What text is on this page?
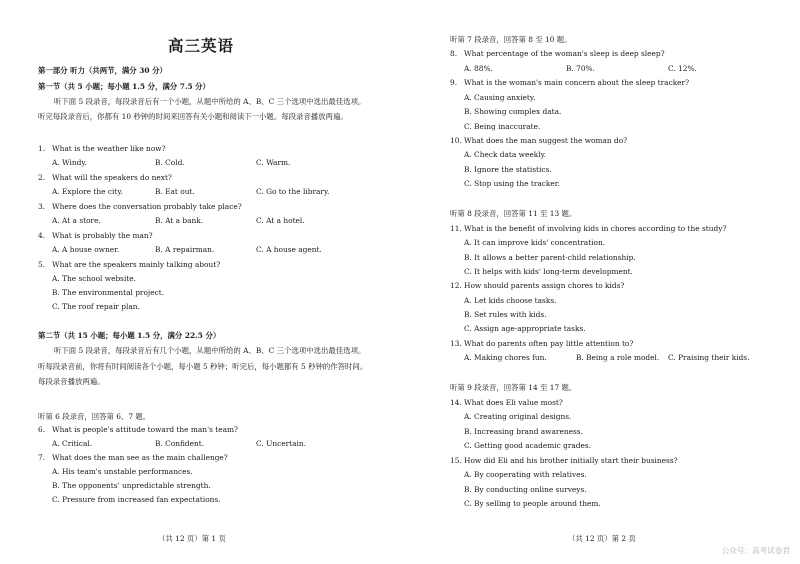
高三英语
第一部分 听力（共两节，满分 30 分）
第一节（共 5 小题；每小题 1.5 分，满分 7.5 分）
听下面 5 段录音，每段录音后有一个小题，从题中所给的 A、B、C 三个选项中选出最佳选项。听完每段录音后，你都有 10 秒钟的时间来回答有关小题和阅读下一小题。每段录音播放两遍。
1. What is the weather like now?
A. Windy.	B. Cold.	C. Warm.
2. What will the speakers do next?
A. Explore the city.	B. Eat out.	C. Go to the library.
3. Where does the conversation probably take place?
A. At a store.	B. At a bank.	C. At a hotel.
4. What is probably the man?
A. A house owner.	B. A repairman.	C. A house agent.
5. What are the speakers mainly talking about?
A. The school website.
B. The environmental project.
C. The roof repair plan.
第二节（共 15 小题；每小题 1.5 分，满分 22.5 分）
听下面 5 段录音，每段录音后有几个小题，从题中所给的 A、B、C 三个选项中选出最佳选项。听每段录音前，你将有时间阅读各个小题，每小题 5 秒钟；听完后，每小题都有 5 秒钟的作答时间。每段录音播放两遍。
听第 6 段录音，回答第 6、7 题。
6. What is people's attitude toward the man's team?
A. Critical.	B. Confident.	C. Uncertain.
7. What does the man see as the main challenge?
A. His team's unstable performances.
B. The opponents' unpredictable strength.
C. Pressure from increased fan expectations.
（共 12 页）第 1 页
听第 7 段录音，回答第 8 至 10 题。
8. What percentage of the woman's sleep is deep sleep?
A. 88%.	B. 70%.	C. 12%.
9. What is the woman's main concern about the sleep tracker?
A. Causing anxiety.
B. Showing complex data.
C. Being inaccurate.
10. What does the man suggest the woman do?
A. Check data weekly.
B. Ignore the statistics.
C. Stop using the tracker.
听第 8 段录音，回答第 11 至 13 题。
11. What is the benefit of involving kids in chores according to the study?
A. It can improve kids' concentration.
B. It allows a better parent-child relationship.
C. It helps with kids' long-term development.
12. How should parents assign chores to kids?
A. Let kids choose tasks.
B. Set rules with kids.
C. Assign age-appropriate tasks.
13. What do parents often pay little attention to?
A. Making chores fun.	B. Being a role model. C. Praising their kids.
听第 9 段录音，回答第 14 至 17 题。
14. What does Eli value most?
A. Creating original designs.
B. Increasing brand awareness.
C. Getting good academic grades.
15. How did Eli and his brother initially start their business?
A. By cooperating with relatives.
B. By conducting online surveys.
C. By selling to people around them.
（共 12 页）第 2 页
公众号：高考试卷君
